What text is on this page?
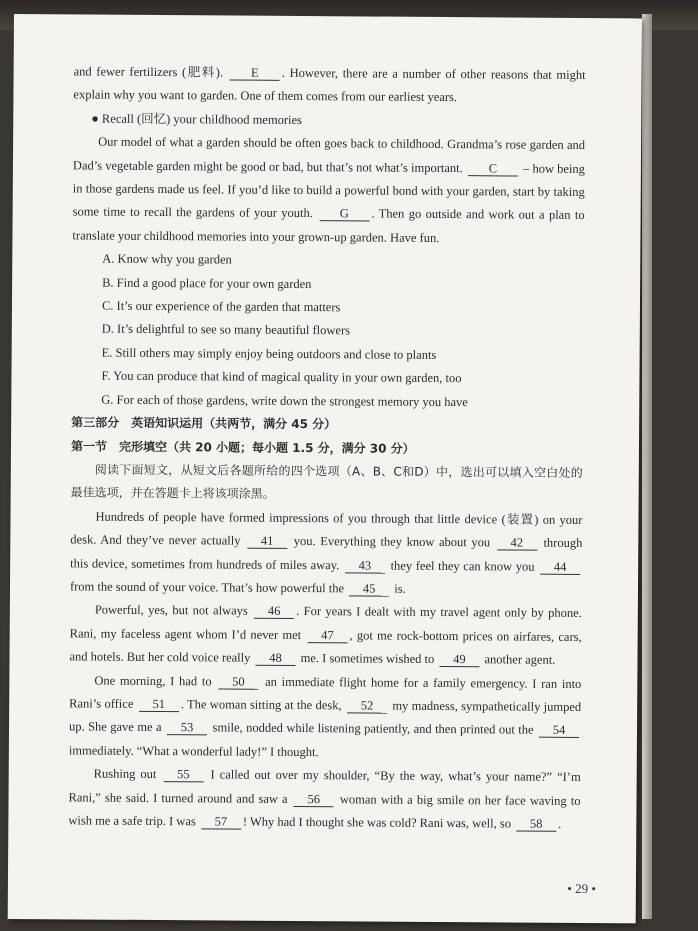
and fewer fertilizers (肥料). E . However, there are a number of other reasons that might explain why you want to garden. One of them comes from our earliest years.

● Recall (回忆) your childhood memories

Our model of what a garden should be often goes back to childhood. Grandma’s rose garden and Dad’s vegetable garden might be good or bad, but that’s not what’s important. C – how being in those gardens made us feel. If you’d like to build a powerful bond with your garden, start by taking some time to recall the gardens of your youth. G . Then go outside and work out a plan to translate your childhood memories into your grown-up garden. Have fun.

A. Know why you garden

B. Find a good place for your own garden

C. It’s our experience of the garden that matters

D. It’s delightful to see so many beautiful flowers

E. Still others may simply enjoy being outdoors and close to plants

F. You can produce that kind of magical quality in your own garden, too

G. For each of those gardens, write down the strongest memory you have

第三部分　英语知识运用（共两节，满分 45 分）

第一节　完形填空（共 20 小题；每小题 1.5 分，满分 30 分）

阅读下面短文，从短文后各题所给的四个选项（A、B、C和D）中，选出可以填入空白处的最佳选项，并在答题卡上将该项涂黑。

Hundreds of people have formed impressions of you through that little device (装置) on your desk. And they’ve never actually 41 you. Everything they know about you 42 through this device, sometimes from hundreds of miles away. 43 they feel they can know you 44 from the sound of your voice. That’s how powerful the 45 is.

Powerful, yes, but not always 46 . For years I dealt with my travel agent only by phone. Rani, my faceless agent whom I’d never met 47 , got me rock-bottom prices on airfares, cars, and hotels. But her cold voice really 48 me. I sometimes wished to 49 another agent.

One morning, I had to 50 an immediate flight home for a family emergency. I ran into Rani’s office 51 . The woman sitting at the desk, 52 my madness, sympathetically jumped up. She gave me a 53 smile, nodded while listening patiently, and then printed out the 54 immediately. “What a wonderful lady!” I thought.

Rushing out 55 I called out over my shoulder, “By the way, what’s your name?” “I’m Rani,” she said. I turned around and saw a 56 woman with a big smile on her face waving to wish me a safe trip. I was 57 ! Why had I thought she was cold? Rani was, well, so 58 .

• 29 •
